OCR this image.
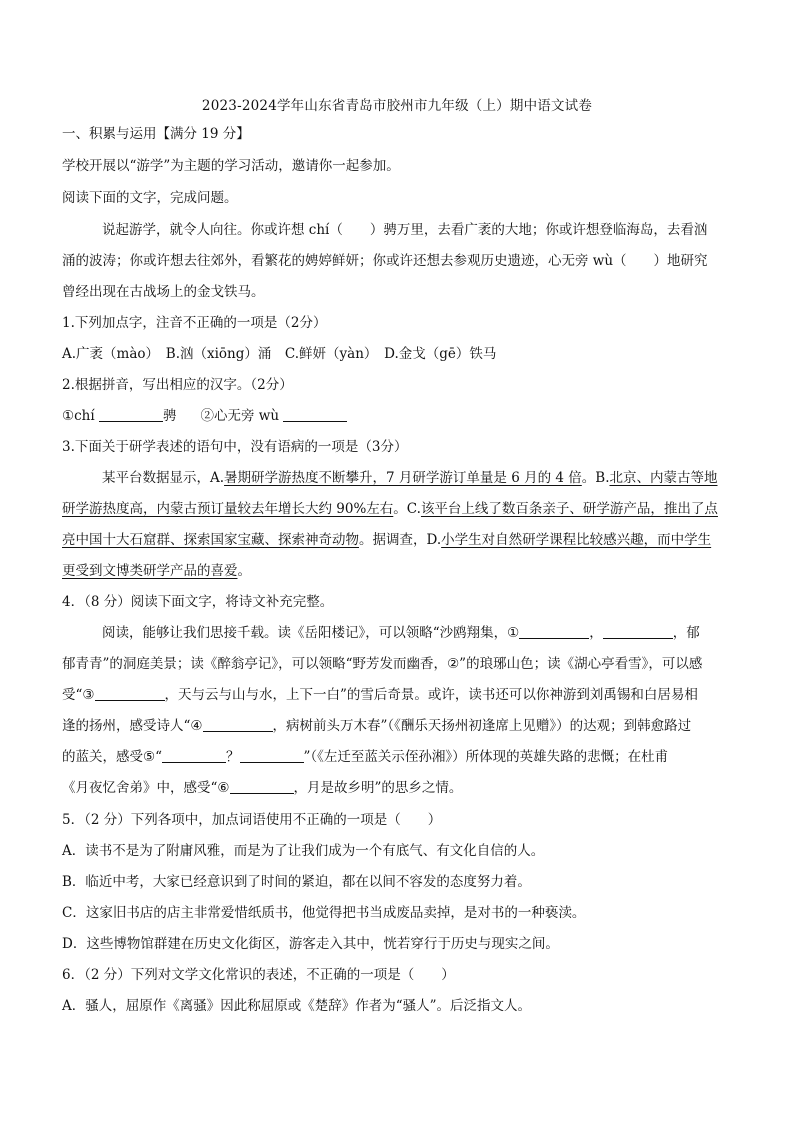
2023-2024学年山东省青岛市胶州市九年级（上）期中语文试卷
一、积累与运用【满分 19 分】
学校开展以“游学”为主题的学习活动，邀请你一起参加。
阅读下面的文字，完成问题。
说起游学，就令人向往。你或许想 chí（　　）骋万里，去看广袤的大地；你或许想登临海岛，去看汹
涌的波涛；你或许想去往郊外，看繁花的娉婷鲜妍；你或许还想去参观历史遗迹，心无旁 wù（　　）地研究
曾经出现在古战场上的金戈铁马。
1.下列加点字，注音不正确的一项是（2分）
A.广袤（mào）　B.汹（xiōng）涌　C.鲜妍（yàn）　D.金戈（gē）铁马
2.根据拼音，写出相应的汉字。（2分）
①chí	骋 ②心无旁 wù
3.下面关于研学表述的语句中，没有语病的一项是（3分）
某平台数据显示，A.暑期研学游热度不断攀升，7 月研学游订单量是 6 月的 4 倍。B.北京、内蒙古等地
研学游热度高，内蒙古预订量较去年增长大约 90%左右。C.该平台上线了数百条亲子、研学游产品，推出了点
亮中国十大石窟群、探索国家宝藏、探索神奇动物。据调查，D.小学生对自然研学课程比较感兴趣，而中学生
更受到文博类研学产品的喜爱。
4．（8 分）阅读下面文字，将诗文补充完整。
阅读，能够让我们思接千载。读《岳阳楼记》，可以领略“沙鸥翔集，①	，	，郁
郁青青”的洞庭美景；读《醉翁亭记》，可以领略“野芳发而幽香，②”的琅琊山色；读《湖心亭看雪》，可以感
受“③	，天与云与山与水，上下一白”的雪后奇景。或许，读书还可以你神游到刘禹锡和白居易相
逢的扬州，感受诗人“④	，病树前头万木春”（《酬乐天扬州初逢席上见赠》）的达观；到韩愈路过
的蓝关，感受⑤“	？	”（《左迁至蓝关示侄孙湘》）所体现的英雄失路的悲慨；在杜甫
《月夜忆舍弟》中，感受“⑥	，月是故乡明”的思乡之情。
5．（2 分）下列各项中，加点词语使用不正确的一项是（　　）
A．读书不是为了附庸风雅，而是为了让我们成为一个有底气、有文化自信的人。
B．临近中考，大家已经意识到了时间的紧迫，都在以间不容发的态度努力着。
C．这家旧书店的店主非常爱惜纸质书，他觉得把书当成废品卖掉，是对书的一种亵渎。
D．这些博物馆群建在历史文化街区，游客走入其中，恍若穿行于历史与现实之间。
6．（2 分）下列对文学文化常识的表述，不正确的一项是（　　）
A．骚人，屈原作《离骚》因此称屈原或《楚辞》作者为“骚人”。后泛指文人。
